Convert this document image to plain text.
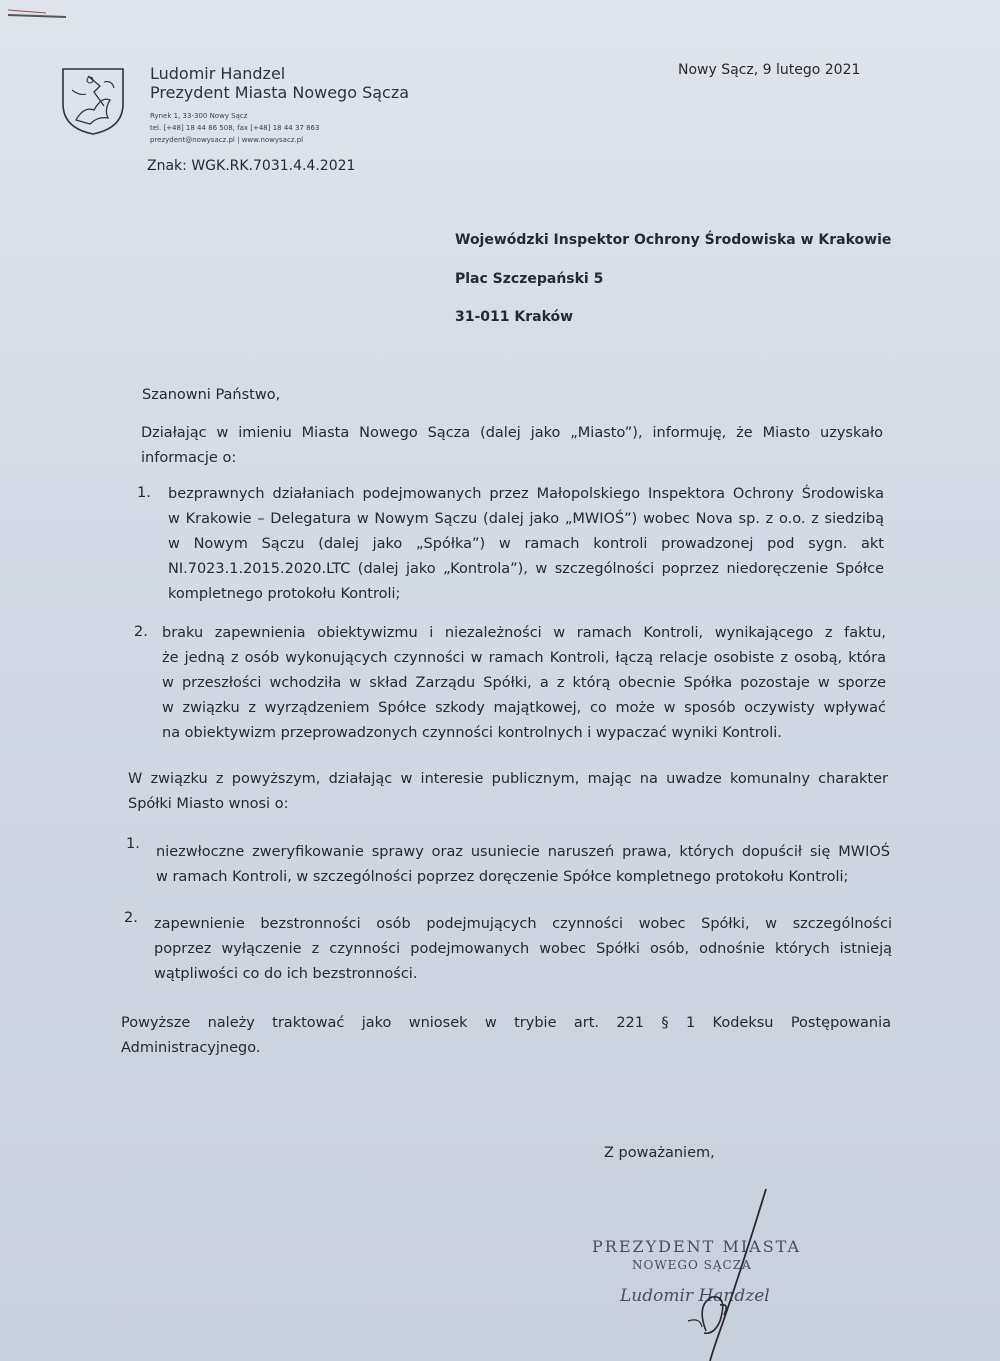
Ludomir Handzel
Prezydent Miasta Nowego Sącza
Rynek 1, 33-300 Nowy Sącz
tel. [+48] 18 44 86 508, fax [+48] 18 44 37 863
prezydent@nowysacz.pl | www.nowysacz.pl
Nowy Sącz, 9 lutego 2021
Znak: WGK.RK.7031.4.4.2021
Wojewódzki Inspektor Ochrony Środowiska w Krakowie
Plac Szczepański 5
31-011 Kraków
Szanowni Państwo,
Działając w imieniu Miasta Nowego Sącza (dalej jako „Miasto”), informuję, że Miasto uzyskało
informacje o:
1. bezprawnych działaniach podejmowanych przez Małopolskiego Inspektora Ochrony Środowiska
w Krakowie – Delegatura w Nowym Sączu (dalej jako „MWIOŚ”) wobec Nova sp. z o.o. z siedzibą
w Nowym Sączu (dalej jako „Spółka”) w ramach kontroli prowadzonej pod sygn. akt
NI.7023.1.2015.2020.LTC (dalej jako „Kontrola”), w szczególności poprzez niedoręczenie Spółce
kompletnego protokołu Kontroli;
2. braku zapewnienia obiektywizmu i niezależności w ramach Kontroli, wynikającego z faktu,
że jedną z osób wykonujących czynności w ramach Kontroli, łączą relacje osobiste z osobą, która
w przeszłości wchodziła w skład Zarządu Spółki, a z którą obecnie Spółka pozostaje w sporze
w związku z wyrządzeniem Spółce szkody majątkowej, co może w sposób oczywisty wpływać
na obiektywizm przeprowadzonych czynności kontrolnych i wypaczać wyniki Kontroli.
W związku z powyższym, działając w interesie publicznym, mając na uwadze komunalny charakter
Spółki Miasto wnosi o:
1. niezwłoczne zweryfikowanie sprawy oraz usuniecie naruszeń prawa, których dopuścił się MWIOŚ
w ramach Kontroli, w szczególności poprzez doręczenie Spółce kompletnego protokołu Kontroli;
2. zapewnienie bezstronności osób podejmujących czynności wobec Spółki, w szczególności
poprzez wyłączenie z czynności podejmowanych wobec Spółki osób, odnośnie których istnieją
wątpliwości co do ich bezstronności.
Powyższe należy traktować jako wniosek w trybie art. 221 § 1 Kodeksu Postępowania
Administracyjnego.
Z poważaniem,
PREZYDENT MIASTA
NOWEGO SĄCZA
Ludomir Handzel
